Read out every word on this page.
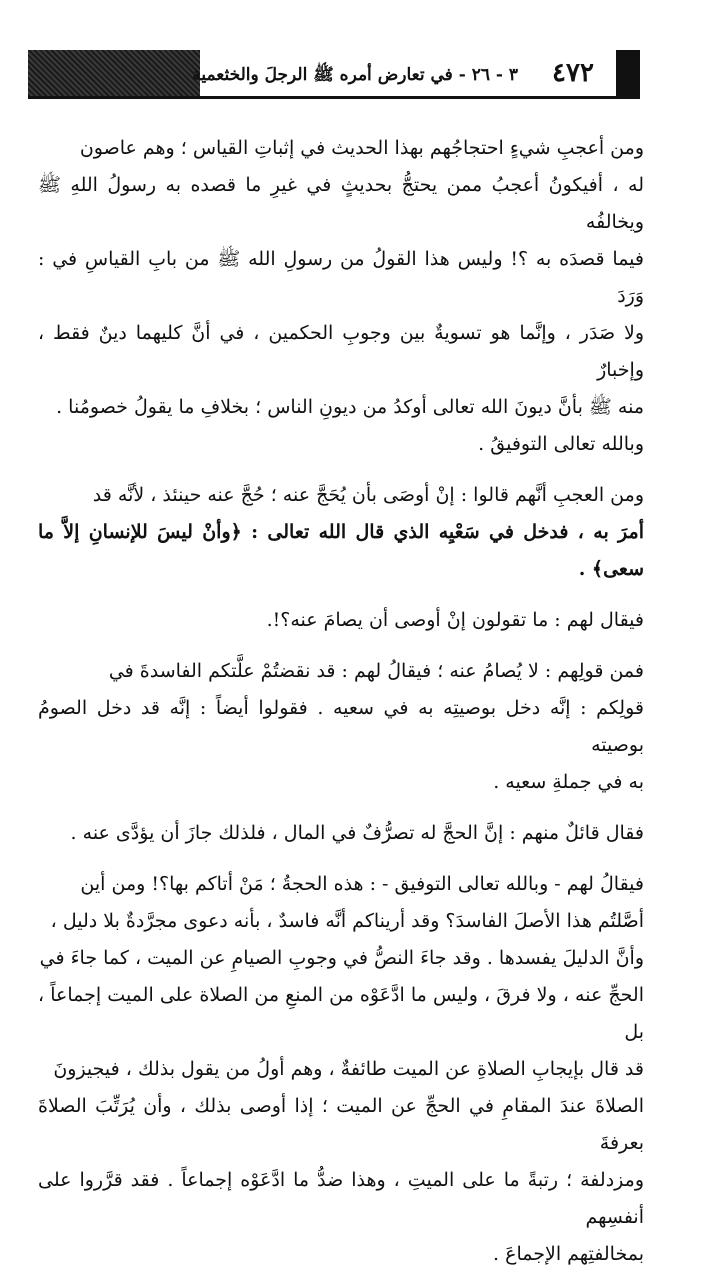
٣ - ٢٦ - في تعارض أمره ﷺ الرجلَ والخثعمية	٤٧٢

ومن أعجبِ شيءٍ احتجاجُهم بهذا الحديث في إثباتِ القياس ؛ وهم عاصون

له ، أفيكونُ أعجبُ ممن يحتجُّ بحديثٍ في غيرِ ما قصده به رسولُ اللهِ ﷺ ويخالفُه

فيما قصدَه به ؟! وليس هذا القولُ من رسولِ الله ﷺ من بابِ القياسِ في : وَرَدَ

ولا صَدَر ، وإنَّما هو تسويةٌ بين وجوبِ الحكمين ، في أنَّ كليهما دينٌ فقط ، وإخبارٌ

منه ﷺ بأنَّ ديونَ الله تعالى أوكدُ من ديونِ الناس ؛ بخلافِ ما يقولُ خصومُنا .

وبالله تعالى التوفيقُ .

ومن العجبِ أنَّهم قالوا : إنْ أوصَى بأن يُحَجَّ عنه ؛ حُجَّ عنه حينئذ ، لأنَّه قد

أمرَ به ، فدخل في سَعْيِه الذي قال الله تعالى : ﴿وأنْ ليسَ للإنسانِ إلاَّ ما سعى﴾ .

فيقال لهم : ما تقولون إنْ أوصى أن يصامَ عنه؟!.

فمن قولِهم : لا يُصامُ عنه ؛ فيقالُ لهم : قد نقضتُمْ علَّتكم الفاسدةَ في

قولِكم : إنَّه دخل بوصيتِه به في سعيه . فقولوا أيضاً : إنَّه قد دخل الصومُ بوصيته

به في جملةِ سعيه .

فقال قائلٌ منهم : إنَّ الحجَّ له تصرُّفٌ في المال ، فلذلك جازَ أن يؤدَّى عنه .

فيقالُ لهم - وبالله تعالى التوفيق - : هذه الحجةُ ؛ مَنْ أتاكم بها؟! ومن أين

أصَّلتُم هذا الأصلَ الفاسدَ؟ وقد أريناكم أنَّه فاسدٌ ، بأنه دعوى مجرَّدةٌ بلا دليل ،

وأنَّ الدليلَ يفسدها . وقد جاءَ النصُّ في وجوبِ الصيامِ عن الميت ، كما جاءَ في

الحجِّ عنه ، ولا فرقَ ، وليس ما ادَّعَوْه من المنعِ من الصلاة على الميت إجماعاً ، بل

قد قال بإيجابِ الصلاةِ عن الميت طائفةٌ ، وهم أولُ من يقول بذلك ، فيجيزونَ

الصلاةَ عندَ المقامِ في الحجِّ عن الميت ؛ إذا أوصى بذلك ، وأن يُرَتِّبَ الصلاةَ بعرفةَ

ومزدلفة ؛ رتبةً ما على الميتِ ، وهذا ضدُّ ما ادَّعَوْه إجماعاً . فقد قرَّروا على أنفسِهم

بمخالفتِهم الإجماعَ .
